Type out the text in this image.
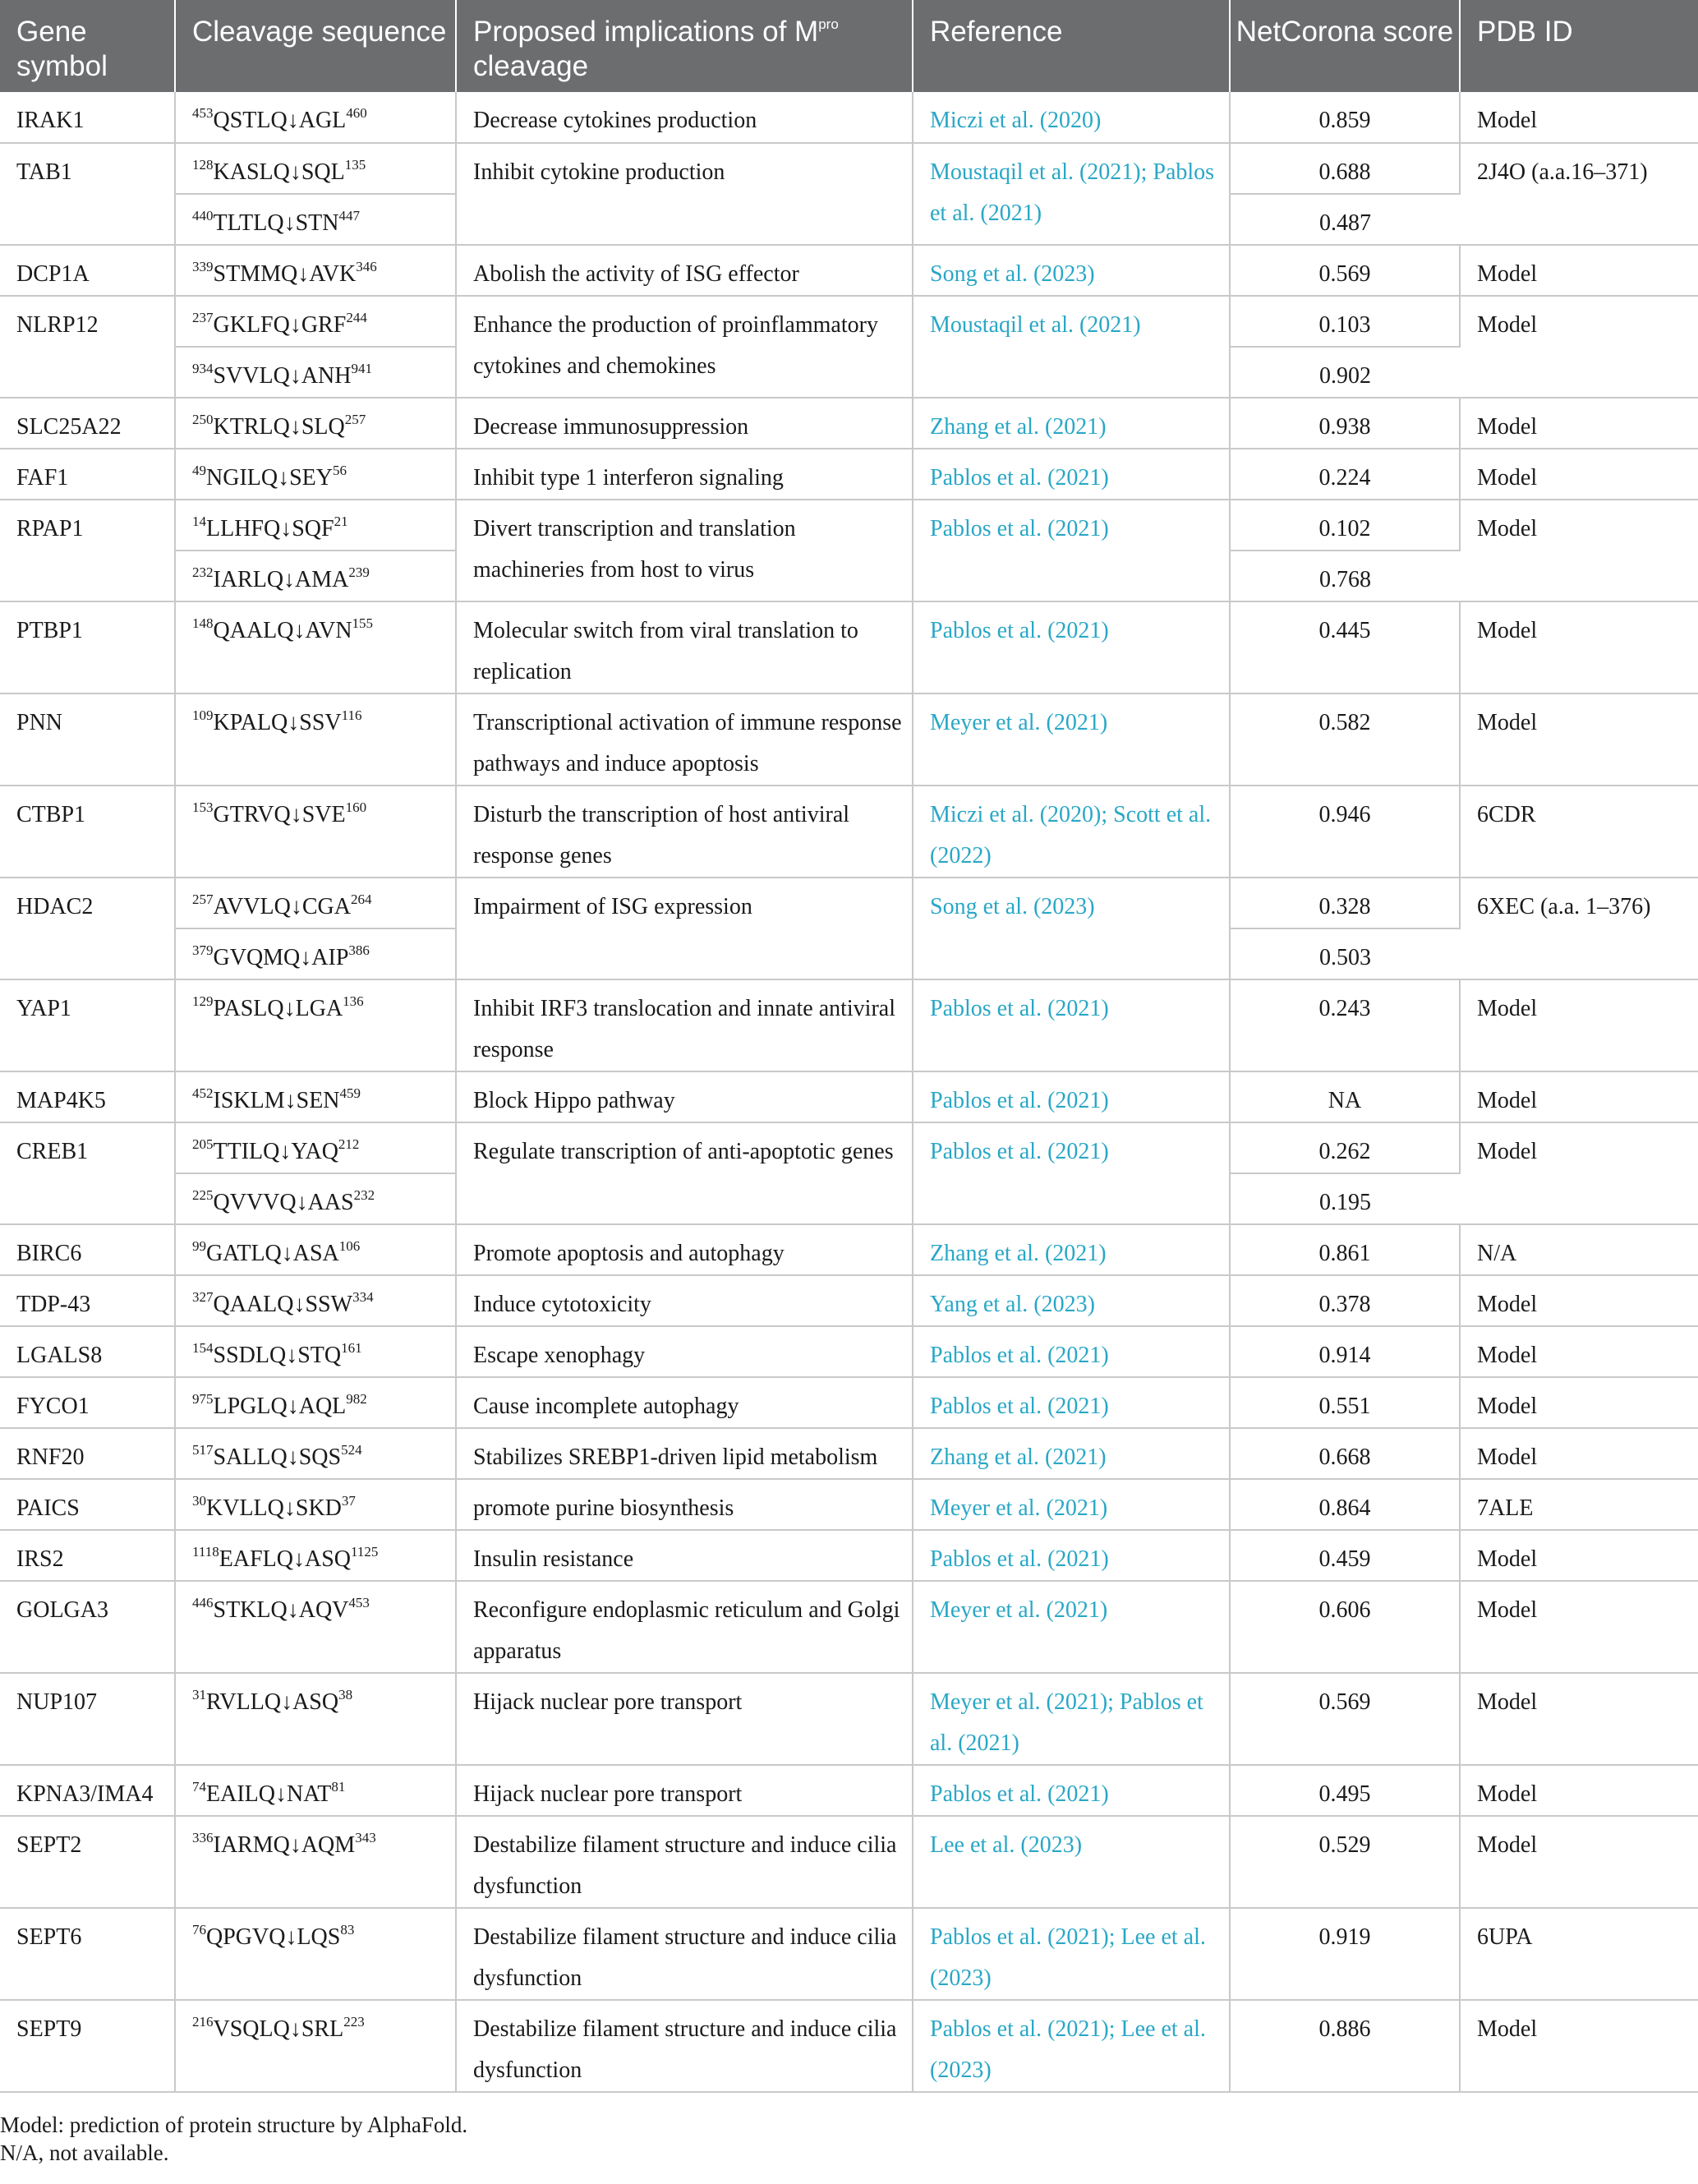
Gene symbol	Cleavage sequence	Proposed implications of $M^{pro}$ cleavage	Reference	NetCorona score	PDB ID
IRAK1	$^{453}$QSTLQ↓AGL$^{460}$	Decrease cytokines production	Miczi et al. (2020)	0.859	Model
TAB1	$^{128}$KASLQ↓SQL$^{135}$	Inhibit cytokine production	Moustaqil et al. (2021); Pablos et al. (2021)	0.688	2J4O (a.a.16–371)
	$^{440}$TLTLQ↓STN$^{447}$			0.487	
DCP1A	$^{339}$STMMQ↓AVK$^{346}$	Abolish the activity of ISG effector	Song et al. (2023)	0.569	Model
NLRP12	$^{237}$GKLFQ↓GRF$^{244}$	Enhance the production of proinflammatory cytokines and chemokines	Moustaqil et al. (2021)	0.103	Model
	$^{934}$SVVLQ↓ANH$^{941}$			0.902	
SLC25A22	$^{250}$KTRLQ↓SLQ$^{257}$	Decrease immunosuppression	Zhang et al. (2021)	0.938	Model
FAF1	$^{49}$NGILQ↓SEY$^{56}$	Inhibit type 1 interferon signaling	Pablos et al. (2021)	0.224	Model
RPAP1	$^{14}$LLHFQ↓SQF$^{21}$	Divert transcription and translation machineries from host to virus	Pablos et al. (2021)	0.102	Model
	$^{232}$IARLQ↓AMA$^{239}$			0.768	
PTBP1	$^{148}$QAALQ↓AVN$^{155}$	Molecular switch from viral translation to replication	Pablos et al. (2021)	0.445	Model
PNN	$^{109}$KPALQ↓SSV$^{116}$	Transcriptional activation of immune response pathways and induce apoptosis	Meyer et al. (2021)	0.582	Model
CTBP1	$^{153}$GTRVQ↓SVE$^{160}$	Disturb the transcription of host antiviral response genes	Miczi et al. (2020); Scott et al. (2022)	0.946	6CDR
HDAC2	$^{257}$AVVLQ↓CGA$^{264}$	Impairment of ISG expression	Song et al. (2023)	0.328	6XEC (a.a. 1–376)
	$^{379}$GVQMQ↓AIP$^{386}$			0.503	
YAP1	$^{129}$PASLQ↓LGA$^{136}$	Inhibit IRF3 translocation and innate antiviral response	Pablos et al. (2021)	0.243	Model
MAP4K5	$^{452}$ISKLM↓SEN$^{459}$	Block Hippo pathway	Pablos et al. (2021)	NA	Model
CREB1	$^{205}$TTILQ↓YAQ$^{212}$	Regulate transcription of anti-apoptotic genes	Pablos et al. (2021)	0.262	Model
	$^{225}$QVVVQ↓AAS$^{232}$			0.195	
BIRC6	$^{99}$GATLQ↓ASA$^{106}$	Promote apoptosis and autophagy	Zhang et al. (2021)	0.861	N/A
TDP-43	$^{327}$QAALQ↓SSW$^{334}$	Induce cytotoxicity	Yang et al. (2023)	0.378	Model
LGALS8	$^{154}$SSDLQ↓STQ$^{161}$	Escape xenophagy	Pablos et al. (2021)	0.914	Model
FYCO1	$^{975}$LPGLQ↓AQL$^{982}$	Cause incomplete autophagy	Pablos et al. (2021)	0.551	Model
RNF20	$^{517}$SALLQ↓SQS$^{524}$	Stabilizes SREBP1-driven lipid metabolism	Zhang et al. (2021)	0.668	Model
PAICS	$^{30}$KVLLQ↓SKD$^{37}$	promote purine biosynthesis	Meyer et al. (2021)	0.864	7ALE
IRS2	$^{1118}EAFLQ↓ASQ^{1125}$	Insulin resistance	Pablos et al. (2021)	0.459	Model
GOLGA3	$^{446}$STKLQ↓AQV$^{453}$	Reconfigure endoplasmic reticulum and Golgi apparatus	Meyer et al. (2021)	0.606	Model
NUP107	$^{31}$RVLLQ↓ASQ$^{38}$	Hijack nuclear pore transport	Meyer et al. (2021); Pablos et al. (2021)	0.569	Model
KPNA3/IMA4	$^{74}$EAILQ↓NAT$^{81}$	Hijack nuclear pore transport	Pablos et al. (2021)	0.495	Model
SEPT2	$^{336}$IARMQ↓AQM$^{343}$	Destabilize filament structure and induce cilia dysfunction	Lee et al. (2023)	0.529	Model
SEPT6	$^{76}$QPGVQ↓LQS$^{83}$	Destabilize filament structure and induce cilia dysfunction	Pablos et al. (2021); Lee et al. (2023)	0.919	6UPA
SEPT9	$^{216}$VSQLQ↓SRL$^{223}$	Destabilize filament structure and induce cilia dysfunction	Pablos et al. (2021); Lee et al. (2023)	0.886	Model
Model: prediction of protein structure by AlphaFold.
N/A, not available.
